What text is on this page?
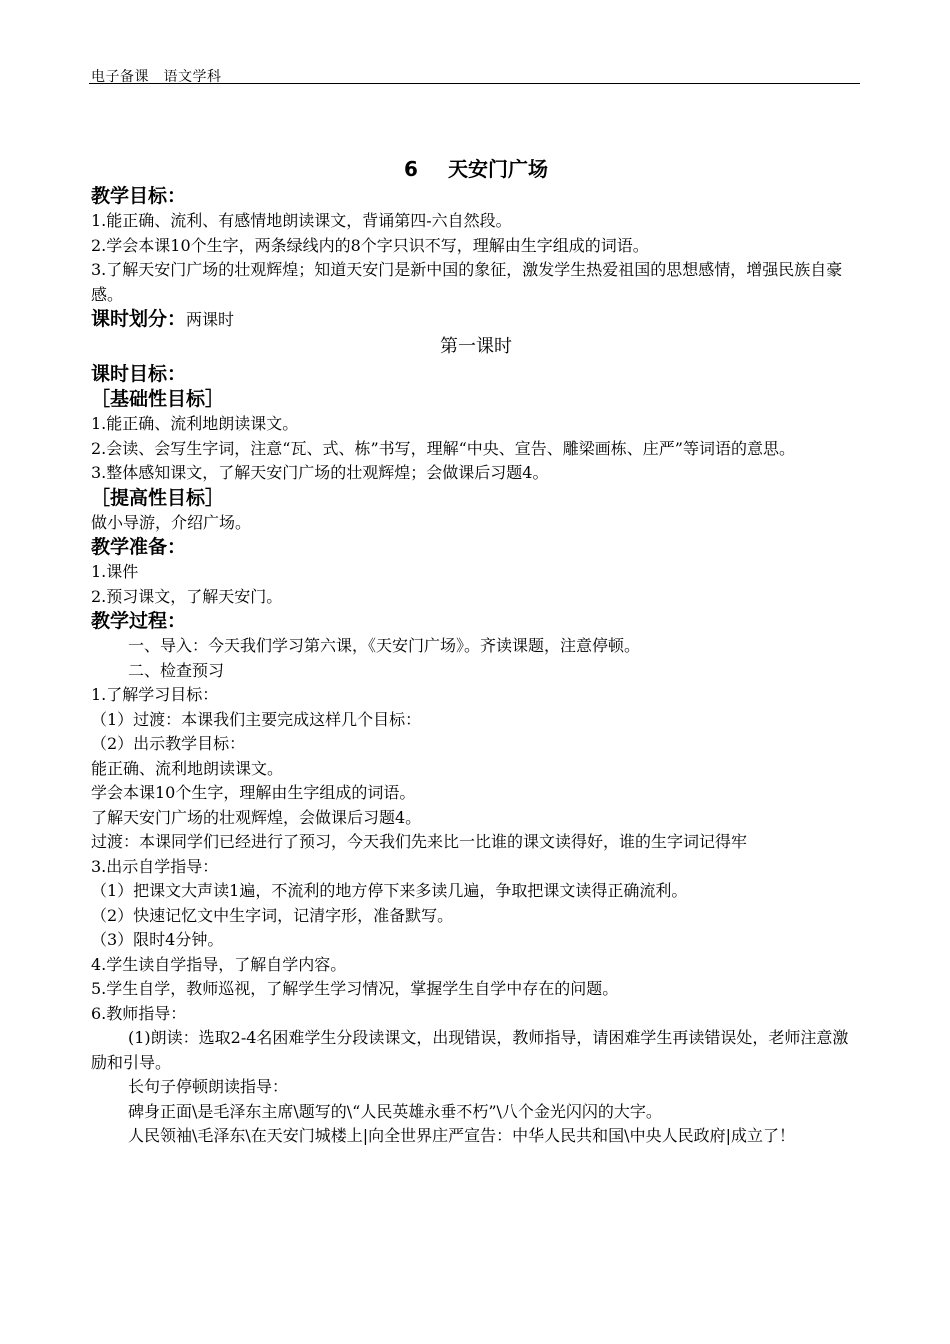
电子备课　语文学科
6 天安门广场
教学目标：
1.能正确、流利、有感情地朗读课文，背诵第四-六自然段。
2.学会本课10个生字，两条绿线内的8个字只识不写，理解由生字组成的词语。
3.了解天安门广场的壮观辉煌；知道天安门是新中国的象征，激发学生热爱祖国的思想感情，增强民族自豪感。
课时划分：两课时
第一课时
课时目标：
［基础性目标］
1.能正确、流利地朗读课文。
2.会读、会写生字词，注意“瓦、式、栋”书写，理解“中央、宣告、雕梁画栋、庄严”等词语的意思。
3.整体感知课文，了解天安门广场的壮观辉煌；会做课后习题4。
［提高性目标］
做小导游，介绍广场。
教学准备：
1.课件
2.预习课文，了解天安门。
教学过程：
一、导入：今天我们学习第六课，《天安门广场》。齐读课题，注意停顿。
二、检查预习
1.了解学习目标：
（1）过渡：本课我们主要完成这样几个目标：
（2）出示教学目标：
能正确、流利地朗读课文。
学会本课10个生字，理解由生字组成的词语。
了解天安门广场的壮观辉煌，会做课后习题4。
过渡：本课同学们已经进行了预习，今天我们先来比一比谁的课文读得好，谁的生字词记得牢
3.出示自学指导：
（1）把课文大声读1遍，不流利的地方停下来多读几遍，争取把课文读得正确流利。
（2）快速记忆文中生字词，记清字形，准备默写。
（3）限时4分钟。
4.学生读自学指导，了解自学内容。
5.学生自学，教师巡视，了解学生学习情况，掌握学生自学中存在的问题。
6.教师指导：
(1)朗读：选取2-4名困难学生分段读课文，出现错误，教师指导，请困难学生再读错误处，老师注意激励和引导。
长句子停顿朗读指导：
碑身正面\是毛泽东主席\题写的\“人民英雄永垂不朽”\八个金光闪闪的大字。
人民领袖\毛泽东\在天安门城楼上|向全世界庄严宣告：中华人民共和国\中央人民政府|成立了！
